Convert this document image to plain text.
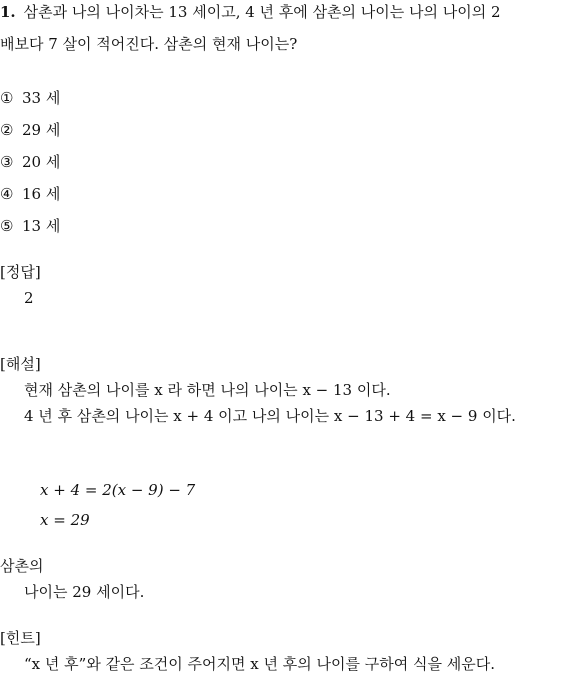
1. 삼촌과 나의 나이차는 13 세이고, 4 년 후에 삼촌의 나이는 나의 나이의 2
배보다 7 살이 적어진다. 삼촌의 현재 나이는?
① 33 세
② 29 세
③ 20 세
④ 16 세
⑤ 13 세
[정답]
2
[해설]
현재 삼촌의 나이를 x 라 하면 나의 나이는 x − 13 이다.
4 년 후 삼촌의 나이는 x + 4 이고 나의 나이는 x − 13 + 4 = x − 9 이다.
x + 4 = 2(x − 9) − 7
x = 29
삼촌의
나이는 29 세이다.
[힌트]
“x 년 후”와 같은 조건이 주어지면 x 년 후의 나이를 구하여 식을 세운다.
